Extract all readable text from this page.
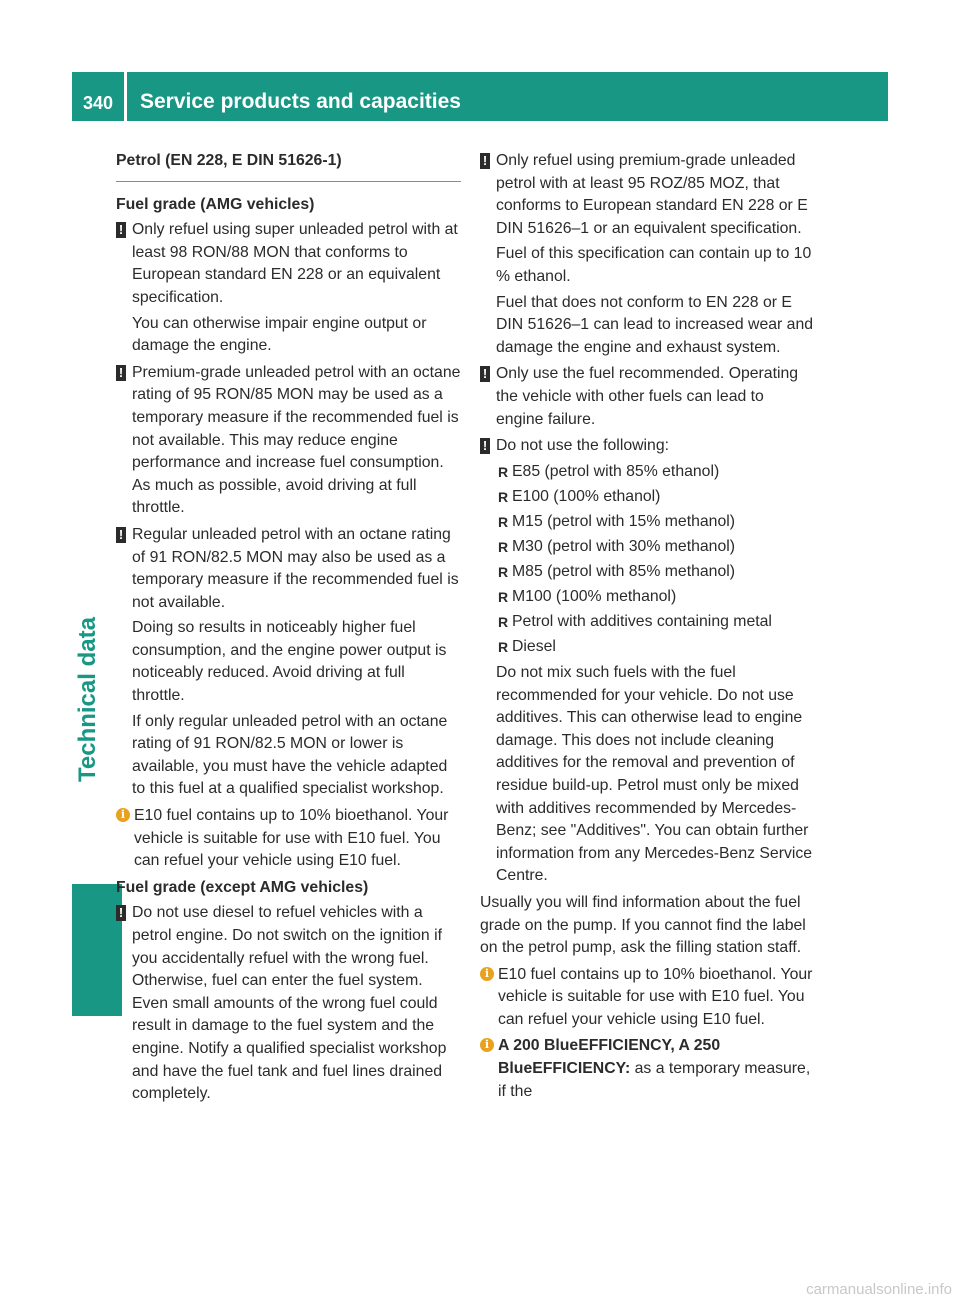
340	Service products and capacities
Technical data
Petrol (EN 228, E DIN 51626-1)
Fuel grade (AMG vehicles)
! Only refuel using super unleaded petrol with at least 98 RON/88 MON that conforms to European standard EN 228 or an equivalent specification.

You can otherwise impair engine output or damage the engine.

! Premium-grade unleaded petrol with an octane rating of 95 RON/85 MON may be used as a temporary measure if the recommended fuel is not available. This may reduce engine performance and increase fuel consumption. As much as possible, avoid driving at full throttle.

! Regular unleaded petrol with an octane rating of 91 RON/82.5 MON may also be used as a temporary measure if the recommended fuel is not available.

Doing so results in noticeably higher fuel consumption, and the engine power output is noticeably reduced. Avoid driving at full throttle.

If only regular unleaded petrol with an octane rating of 91 RON/82.5 MON or lower is available, you must have the vehicle adapted to this fuel at a qualified specialist workshop.

i E10 fuel contains up to 10% bioethanol. Your vehicle is suitable for use with E10 fuel. You can refuel your vehicle using E10 fuel.

Fuel grade (except AMG vehicles)
! Do not use diesel to refuel vehicles with a petrol engine. Do not switch on the ignition if you accidentally refuel with the wrong fuel. Otherwise, fuel can enter the fuel system. Even small amounts of the wrong fuel could result in damage to the fuel system and the engine. Notify a qualified specialist workshop and have the fuel tank and fuel lines drained completely.

! Only refuel using premium-grade unleaded petrol with at least 95 ROZ/85 MOZ, that conforms to European standard EN 228 or E DIN 51626–1 or an equivalent specification.

Fuel of this specification can contain up to 10 % ethanol.

Fuel that does not conform to EN 228 or E DIN 51626–1 can lead to increased wear and damage the engine and exhaust system.

! Only use the fuel recommended. Operating the vehicle with other fuels can lead to engine failure.

! Do not use the following:

R E85 (petrol with 85% ethanol)
R E100 (100% ethanol)
R M15 (petrol with 15% methanol)
R M30 (petrol with 30% methanol)
R M85 (petrol with 85% methanol)
R M100 (100% methanol)
R Petrol with additives containing metal
R Diesel

Do not mix such fuels with the fuel recommended for your vehicle. Do not use additives. This can otherwise lead to engine damage. This does not include cleaning additives for the removal and prevention of residue build-up. Petrol must only be mixed with additives recommended by Mercedes-Benz; see "Additives". You can obtain further information from any Mercedes-Benz Service Centre.

Usually you will find information about the fuel grade on the pump. If you cannot find the label on the petrol pump, ask the filling station staff.

i E10 fuel contains up to 10% bioethanol. Your vehicle is suitable for use with E10 fuel. You can refuel your vehicle using E10 fuel.

i A 200 BlueEFFICIENCY, A 250 BlueEFFICIENCY: as a temporary measure, if the

carmanualsonline.info
